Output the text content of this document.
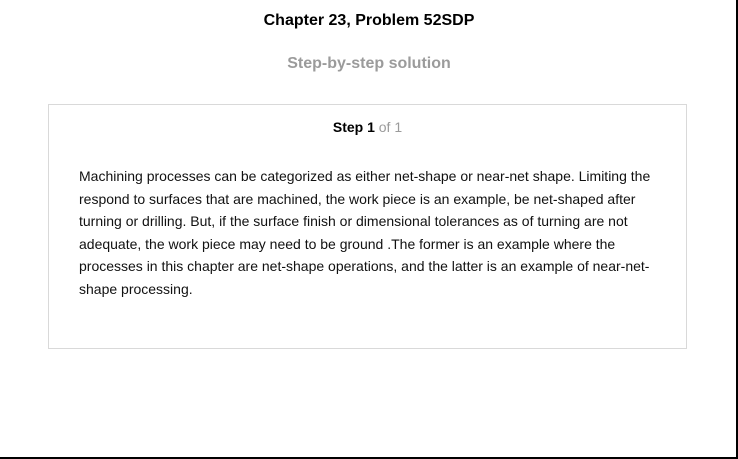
Chapter 23, Problem 52SDP
Step-by-step solution
Step 1 of 1
Machining processes can be categorized as either net-shape or near-net shape. Limiting the respond to surfaces that are machined, the work piece is an example, be net-shaped after turning or drilling. But, if the surface finish or dimensional tolerances as of turning are not adequate, the work piece may need to be ground .The former is an example where the processes in this chapter are net-shape operations, and the latter is an example of near-net-shape processing.
